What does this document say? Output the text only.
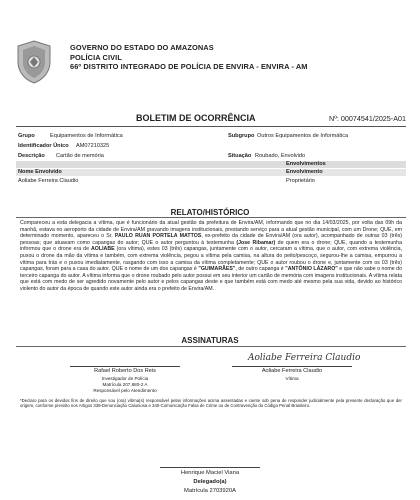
GOVERNO DO ESTADO DO AMAZONAS
POLÍCIA CIVIL
66º DISTRITO INTEGRADO DE POLÍCIA DE ENVIRA - ENVIRA - AM
BOLETIM DE OCORRÊNCIA	Nº: 00074541/2025-A01
Grupo	Equipamentos de Informática	Subgrupo Outros Equipamentos de Informática
Identificador Único AM07210325
Descrição Cartão de memória	Situação Roubado, Envolvido
Envolvimentos
Nome Envolvido	Envolvimento
Aoliabe Ferreira Claudio	Proprietário
RELATO/HISTÓRICO
Compareceu a esta delegacia a vítima, que é funcionário da atual gestão da prefeitura de Envira/AM, informando que no dia 14/03/2025, por volta das 09h da manhã, estava no aeroporto da cidade de Envira/AM gravando imagens institucionais, prestando serviço para a atual gestão municipal, com um Drone; QUE, em determinado momento, apareceu o Sr. PAULO RUAN PORTELA MATTOS, ex-prefeito da cidade de Envira/AM (ora autor), acompanhado de outras 03 (três) pessoas; que atuavam como capangas do autor; QUE o autor perguntou à testemunha (Jose Ribamar) de quem era o drone; QUE, quando a testemunha informou que o drone era de AOLIABE (ora vítima), estes 03 (três) capangas, juntamente com o autor, cercaram a vítima, que o autor, com extrema violência, puxou o drone da mão da vítima e também, com extrema violência, pegou a vítima pela camisa, na altura do peito/pescoço, segurou-lhe a camisa, empurrou a vítima para trás e o puxou imediatamente, rasgando com isso a camisa da vítima completamente; QUE o autor roubou o drone e, juntamente com os 03 (três) capangas, foram para a casa do autor. QUE o nome de um dos capangas é "GUIMARÃES", de outro capanga é "ANTÔNIO LÁZARO" e que não sabe o nome do terceiro capanga do autor. A vítima informa que o drone roubado pelo autor possui em seu interior um cartão de memória com imagens institucionais. A vítima relata que está com medo de ser agredido novamente pelo autor e pelos capangas deste e que também está com medo até mesmo pela sua vida, devido ao histórico violento do autor da época de quando este autor ainda era o prefeito de Envira/AM.
ASSINATURAS
Aoliabe Ferreira Claudio
Rafael Roberto Dos Reis
Investigador de Polícia
Matrícula 207.880-2 A
Responsável pelo Atendimento
Aoliabe Ferreira Claudio
Vítima
*Declaro para os devidos fins de direito que sou (ora) vítima(s) responsável pelas informações acima assentadas e ciente sob pena de responder judicialmente pela presente declaração que der origem, conforme previsto nos Artigos 339-Denunciação Caluniosa e 340-Comunicação Falsa de Crime ou de Contravenção do Código Penal Brasileiro.
Henrique Maciel Viana
Delegado(a)
Matrícula 2703920A
